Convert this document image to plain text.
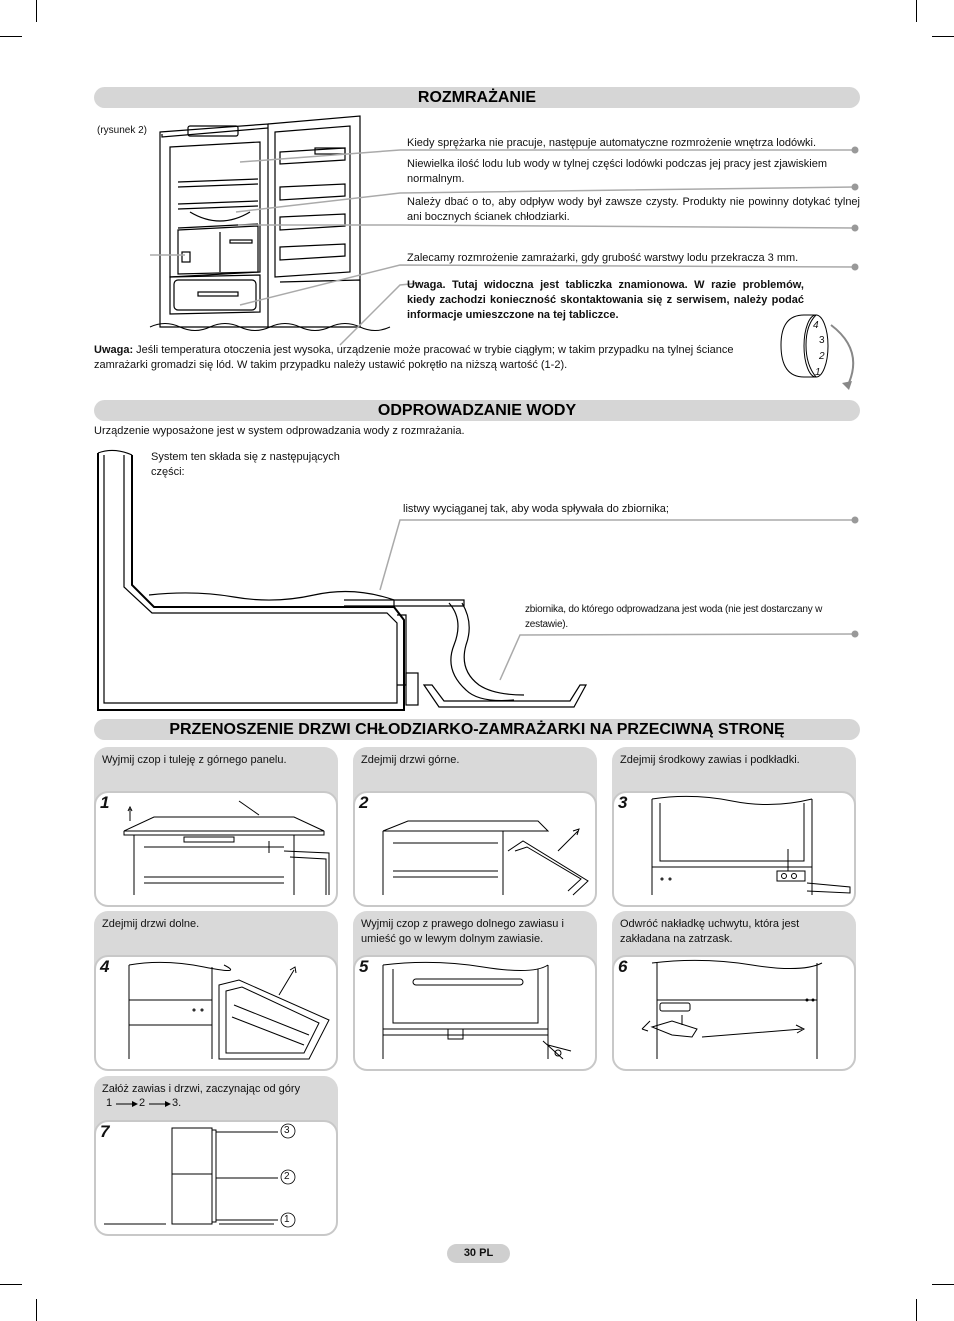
ROZMRAŻANIE
(rysunek 2)
Kiedy sprężarka nie pracuje, następuje automatyczne rozmrożenie wnętrza lodówki.
Niewielka ilość lodu lub wody w tylnej części lodówki podczas jej pracy jest zjawiskiem normalnym.
Należy dbać o to, aby odpływ wody był zawsze czysty. Produkty nie powinny dotykać tylnej ani bocznych ścianek chłodziarki.
Zalecamy rozmrożenie zamrażarki, gdy grubość warstwy lodu przekracza 3 mm.
Uwaga. Tutaj widoczna jest tabliczka znamionowa. W razie problemów, kiedy zachodzi konieczność skontaktowania się z serwisem, należy podać informacje umieszczone na tej tabliczce.
Uwaga: Jeśli temperatura otoczenia jest wysoka, urządzenie może pracować w trybie ciągłym; w takim przypadku na tylnej ściance zamrażarki gromadzi się lód. W takim przypadku należy ustawić pokrętło na niższą wartość (1-2).
4
3
2
1
ODPROWADZANIE WODY
Urządzenie wyposażone jest w system odprowadzania wody z rozmrażania.
System ten składa się z następujących części:
listwy wyciąganej tak, aby woda spływała do zbiornika;
zbiornika, do którego odprowadzana jest woda (nie jest dostarczany w zestawie).
PRZENOSZENIE DRZWI CHŁODZIARKO-ZAMRAŻARKI NA PRZECIWNĄ STRONĘ
Wyjmij czop i tuleję z górnego panelu.
1
Zdejmij drzwi górne.
2
Zdejmij środkowy zawias i podkładki.
3
Zdejmij drzwi dolne.
4
Wyjmij czop z prawego dolnego zawiasu i umieść go w lewym dolnym zawiasie.
5
Odwróć nakładkę uchwytu, która jest zakładana na zatrzask.
6
Załóż zawias i drzwi, zaczynając od góry
7
1 2 3.
3
2
1
30 PL
